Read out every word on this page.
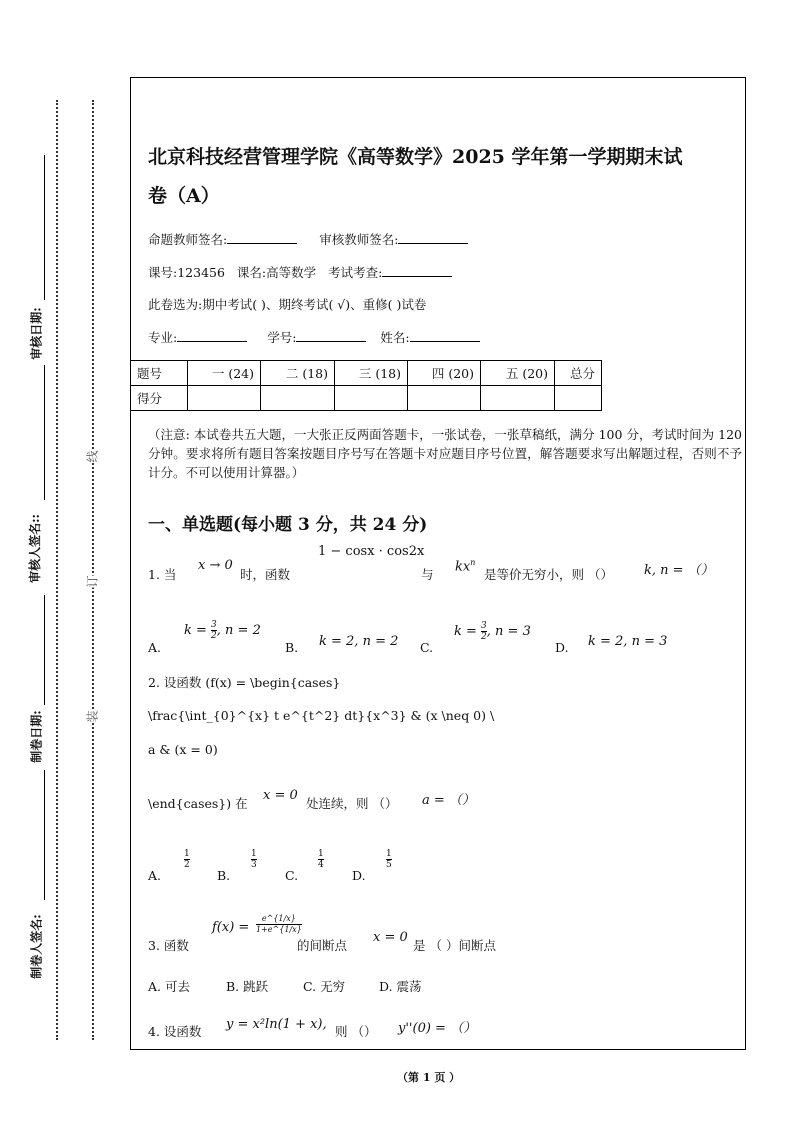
审核日期:
审核人签名::
制卷日期:
制卷人签名:
线
订
装
北京科技经营管理学院《高等数学》2025 学年第一学期期末试
卷（A）
命题教师签名:	审核教师签名:
课号:123456 课名:高等数学 考试考查:
此卷选为:期中考试( )、期终考试( √)、重修( )试卷
专业:	学号:	姓名:
题号	一 (24)	二 (18)	三 (18)	四 (20)	五 (20)	总分
得分						
（注意: 本试卷共五大题，一大张正反两面答题卡，一张试卷，一张草稿纸，满分 100 分，考试时间为 120 分钟。要求将所有题目答案按题目序号写在答题卡对应题目序号位置，解答题要求写出解题过程，否则不予计分。不可以使用计算器。）
一、单选题(每小题 3 分，共 24 分)
1 − cosx · cos2x
1. 当
x → 0
时，函数	与
$kx^n$
是等价无穷小，则 （） k, n = （）
A.
$k = \frac{3}{2}$ , n = 2
B. k = 2, n = 2 C.
$k = \frac{3}{2}$ , n = 3
D. k = 2, n = 3
2. 设函数 (f(x) = \begin{cases}
\frac{\int_{0}^{x} t e^{t^2} dt}{x^3} & (x \neq 0) \
a & (x = 0)
\end{cases}) 在
x = 0
处连续，则 （） a = （）
A.
$\frac{1}{2}$
B.
$\frac{1}{3}$
C.
$\frac{1}{4}$
D.
$\frac{1}{5}$
3. 函数
$f(x) = \frac{e\^{}\{1/x\}}{1+e\^{}\{1/x\}}$
的间断点
x = 0
是 （ ）间断点
A. 可去	B. 跳跃	C. 无穷	D. 震荡
4. 设函数 y = x²ln(1 + x), 则 （） y''(0) = （）
（第 1 页 ）
